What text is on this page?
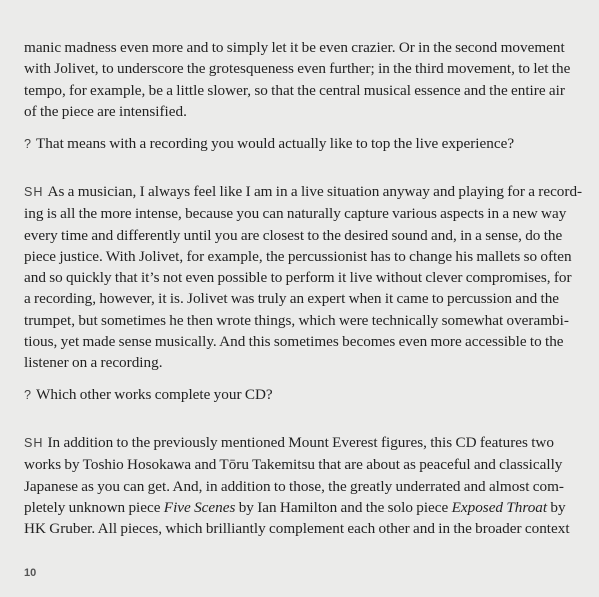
manic madness even more and to simply let it be even crazier. Or in the second movement
with Jolivet, to underscore the grotesqueness even further; in the third movement, to let the
tempo, for example, be a little slower, so that the central musical essence and the entire air
of the piece are intensified.

? That means with a recording you would actually like to top the live experience?

SH As a musician, I always feel like I am in a live situation anyway and playing for a record-
ing is all the more intense, because you can naturally capture various aspects in a new way
every time and differently until you are closest to the desired sound and, in a sense, do the
piece justice. With Jolivet, for example, the percussionist has to change his mallets so often
and so quickly that it’s not even possible to perform it live without clever compromises, for
a recording, however, it is. Jolivet was truly an expert when it came to percussion and the
trumpet, but sometimes he then wrote things, which were technically somewhat overambi-
tious, yet made sense musically. And this sometimes becomes even more accessible to the
listener on a recording.

? Which other works complete your CD?

SH In addition to the previously mentioned Mount Everest figures, this CD features two
works by Toshio Hosokawa and Tōru Takemitsu that are about as peaceful and classically
Japanese as you can get. And, in addition to those, the greatly underrated and almost com-
pletely unknown piece Five Scenes by Ian Hamilton and the solo piece Exposed Throat by
HK Gruber. All pieces, which brilliantly complement each other and in the broader context

10
